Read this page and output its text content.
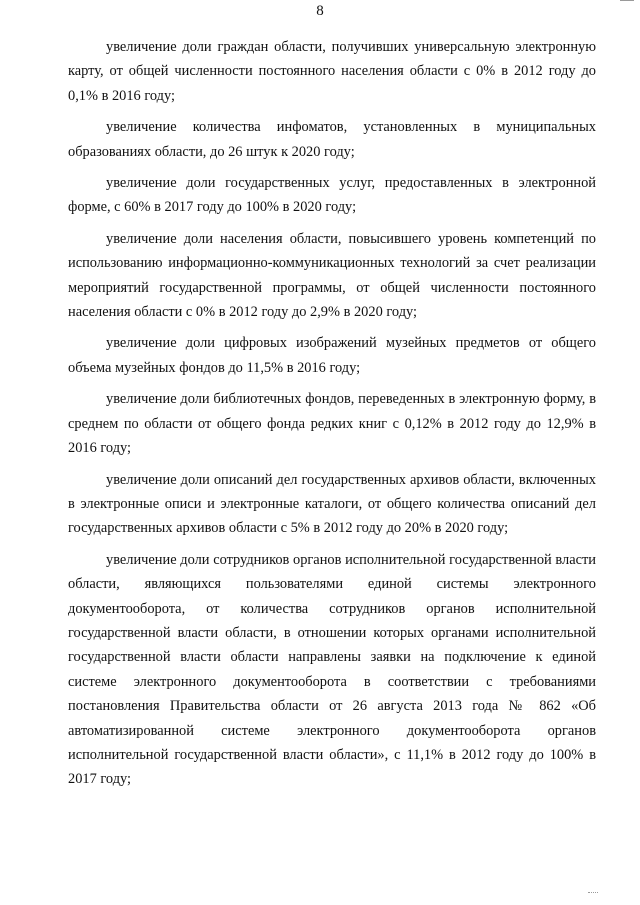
8

увеличение доли граждан области, получивших универсальную электронную карту, от общей численности постоянного населения области с 0% в 2012 году до 0,1% в 2016 году;

увеличение количества инфоматов, установленных в муниципальных образованиях области, до 26 штук к 2020 году;

увеличение доли государственных услуг, предоставленных в электронной форме, с 60% в 2017 году до 100% в 2020 году;

увеличение доли населения области, повысившего уровень компетенций по использованию информационно-коммуникационных технологий за счет реализации мероприятий государственной программы, от общей численности постоянного населения области с 0% в 2012 году до 2,9% в 2020 году;

увеличение доли цифровых изображений музейных предметов от общего объема музейных фондов до 11,5% в 2016 году;

увеличение доли библиотечных фондов, переведенных в электронную форму, в среднем по области от общего фонда редких книг с 0,12% в 2012 году до 12,9% в 2016 году;

увеличение доли описаний дел государственных архивов области, включенных в электронные описи и электронные каталоги, от общего количества описаний дел государственных архивов области с 5% в 2012 году до 20% в 2020 году;

увеличение доли сотрудников органов исполнительной государственной власти области, являющихся пользователями единой системы электронного документооборота, от количества сотрудников органов исполнительной государственной власти области, в отношении которых органами исполнительной государственной власти области направлены заявки на подключение к единой системе электронного документооборота в соответствии с требованиями постановления Правительства области от 26 августа 2013 года № 862 «Об автоматизированной системе электронного документооборота органов исполнительной государственной власти области», с 11,1% в 2012 году до 100% в 2017 году;
